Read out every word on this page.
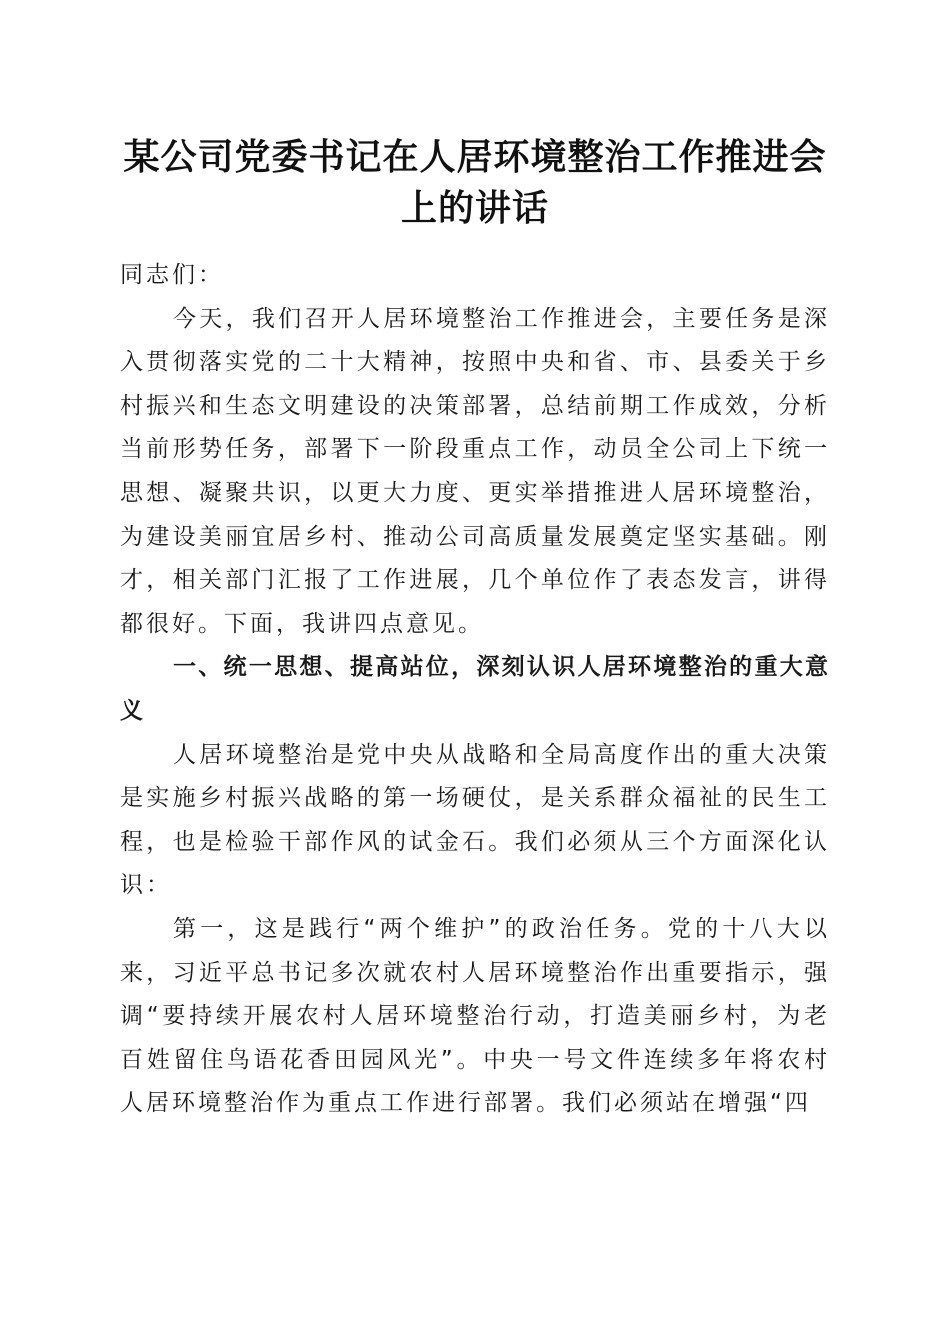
某公司党委书记在人居环境整治工作推进会上的讲话

同志们：

今天，我们召开人居环境整治工作推进会，主要任务是深入贯彻落实党的二十大精神，按照中央和省、市、县委关于乡村振兴和生态文明建设的决策部署，总结前期工作成效，分析当前形势任务，部署下一阶段重点工作，动员全公司上下统一思想、凝聚共识，以更大力度、更实举措推进人居环境整治，为建设美丽宜居乡村、推动公司高质量发展奠定坚实基础。刚才，相关部门汇报了工作进展，几个单位作了表态发言，讲得都很好。下面，我讲四点意见。

一、统一思想、提高站位，深刻认识人居环境整治的重大意义

人居环境整治是党中央从战略和全局高度作出的重大决策是实施乡村振兴战略的第一场硬仗，是关系群众福祉的民生工程，也是检验干部作风的试金石。我们必须从三个方面深化认识：

第一，这是践行“两个维护”的政治任务。党的十八大以来，习近平总书记多次就农村人居环境整治作出重要指示，强调“要持续开展农村人居环境整治行动，打造美丽乡村，为老百姓留住鸟语花香田园风光”。中央一号文件连续多年将农村人居环境整治作为重点工作进行部署。我们必须站在增强“四
